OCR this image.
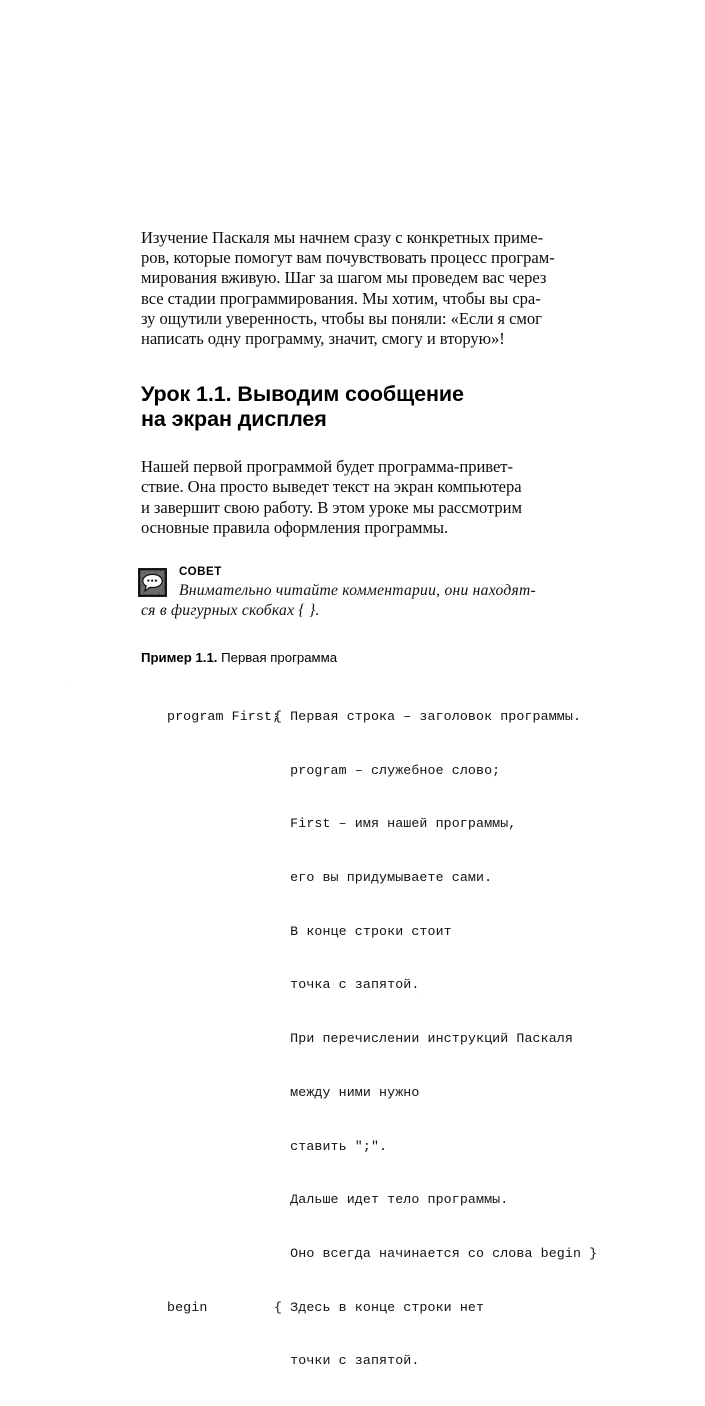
Изучение Паскаля мы начнем сразу с конкретных приме-
ров, которые помогут вам почувствовать процесс програм-
мирования вживую. Шаг за шагом мы проведем вас через
все стадии программирования. Мы хотим, чтобы вы сра-
зу ощутили уверенность, чтобы вы поняли: «Если я смог
написать одну программу, значит, смогу и вторую»!

Урок 1.1. Выводим сообщение
на экран дисплея

Нашей первой программой будет программа-привет-
ствие. Она просто выведет текст на экран компьютера
и завершит свою работу. В этом уроке мы рассмотрим
основные правила оформления программы.

СОВЕТ
Внимательно читайте комментарии, они находят-
ся в фигурных скобках { }.
Пример 1.1. Первая программа

program First;
{ Первая строка – заголовок программы.

program – служебное слово;

First – имя нашей программы,

его вы придумываете сами.

В конце строки стоит

точка с запятой.

При перечислении инструкций Паскаля

между ними нужно

ставить ";".

Дальше идет тело программы.

Оно всегда начинается со слова begin }

begin	{ Здесь в конце строки нет

точки с запятой.
